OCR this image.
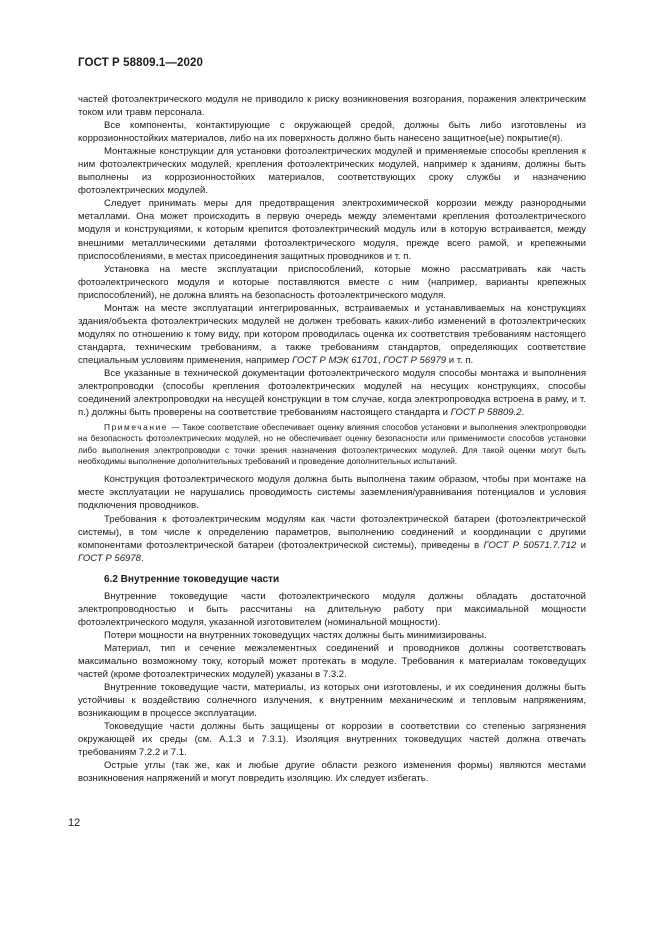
ГОСТ Р 58809.1—2020

частей фотоэлектрического модуля не приводило к риску возникновения возгорания, поражения электрическим током или травм персонала.

Все компоненты, контактирующие с окружающей средой, должны быть либо изготовлены из коррозионностойких материалов, либо на их поверхность должно быть нанесено защитное(ые) покрытие(я).

Монтажные конструкции для установки фотоэлектрических модулей и применяемые способы крепления к ним фотоэлектрических модулей, крепления фотоэлектрических модулей, например к зданиям, должны быть выполнены из коррозионностойких материалов, соответствующих сроку службы и назначению фотоэлектрических модулей.

Следует принимать меры для предотвращения электрохимической коррозии между разнородными металлами. Она может происходить в первую очередь между элементами крепления фотоэлектрического модуля и конструкциями, к которым крепится фотоэлектрический модуль или в которую встраивается, между внешними металлическими деталями фотоэлектрического модуля, прежде всего рамой, и крепежными приспособлениями, в местах присоединения защитных проводников и т. п.

Установка на месте эксплуатации приспособлений, которые можно рассматривать как часть фотоэлектрического модуля и которые поставляются вместе с ним (например, варианты крепежных приспособлений), не должна влиять на безопасность фотоэлектрического модуля.

Монтаж на месте эксплуатации интегрированных, встраиваемых и устанавливаемых на конструкциях здания/объекта фотоэлектрических модулей не должен требовать каких-либо изменений в фотоэлектрических модулях по отношению к тому виду, при котором проводилась оценка их соответствия требованиям настоящего стандарта, техническим требованиям, а также требованиям стандартов, определяющих соответствие специальным условиям применения, например ГОСТ Р МЭК 61701, ГОСТ Р 56979 и т. п.

Все указанные в технической документации фотоэлектрического модуля способы монтажа и выполнения электропроводки (способы крепления фотоэлектрических модулей на несущих конструкциях, способы соединений электропроводки на несущей конструкции в том случае, когда электропроводка встроена в раму, и т. п.) должны быть проверены на соответствие требованиям настоящего стандарта и ГОСТ Р 58809.2.

Примечание — Такое соответствие обеспечивает оценку влияния способов установки и выполнения электропроводки на безопасность фотоэлектрических модулей, но не обеспечивает оценку безопасности или применимости способов установки либо выполнения электропроводки с точки зрения назначения фотоэлектрических модулей. Для такой оценки могут быть необходимы выполнение дополнительных требований и проведение дополнительных испытаний.

Конструкция фотоэлектрического модуля должна быть выполнена таким образом, чтобы при монтаже на месте эксплуатации не нарушались проводимость системы заземления/уравнивания потенциалов и условия подключения проводников.

Требования к фотоэлектрическим модулям как части фотоэлектрической батареи (фотоэлектрической системы), в том числе к определению параметров, выполнению соединений и координации с другими компонентами фотоэлектрической батареи (фотоэлектрической системы), приведены в ГОСТ Р 50571.7.712 и ГОСТ Р 56978.

6.2 Внутренние токоведущие части

Внутренние токоведущие части фотоэлектрического модуля должны обладать достаточной электропроводностью и быть рассчитаны на длительную работу при максимальной мощности фотоэлектрического модуля, указанной изготовителем (номинальной мощности).

Потери мощности на внутренних токоведущих частях должны быть минимизированы.

Материал, тип и сечение межэлементных соединений и проводников должны соответствовать максимально возможному току, который может протекать в модуле. Требования к материалам токоведущих частей (кроме фотоэлектрических модулей) указаны в 7.3.2.

Внутренние токоведущие части, материалы, из которых они изготовлены, и их соединения должны быть устойчивы к воздействию солнечного излучения, к внутренним механическим и тепловым напряжениям, возникающим в процессе эксплуатации.

Токоведущие части должны быть защищены от коррозии в соответствии со степенью загрязнения окружающей их среды (см. А.1.3 и 7.3.1). Изоляция внутренних токоведущих частей должна отвечать требованиям 7.2.2 и 7.1.

Острые углы (так же, как и любые другие области резкого изменения формы) являются местами возникновения напряжений и могут повредить изоляцию. Их следует избегать.

12
